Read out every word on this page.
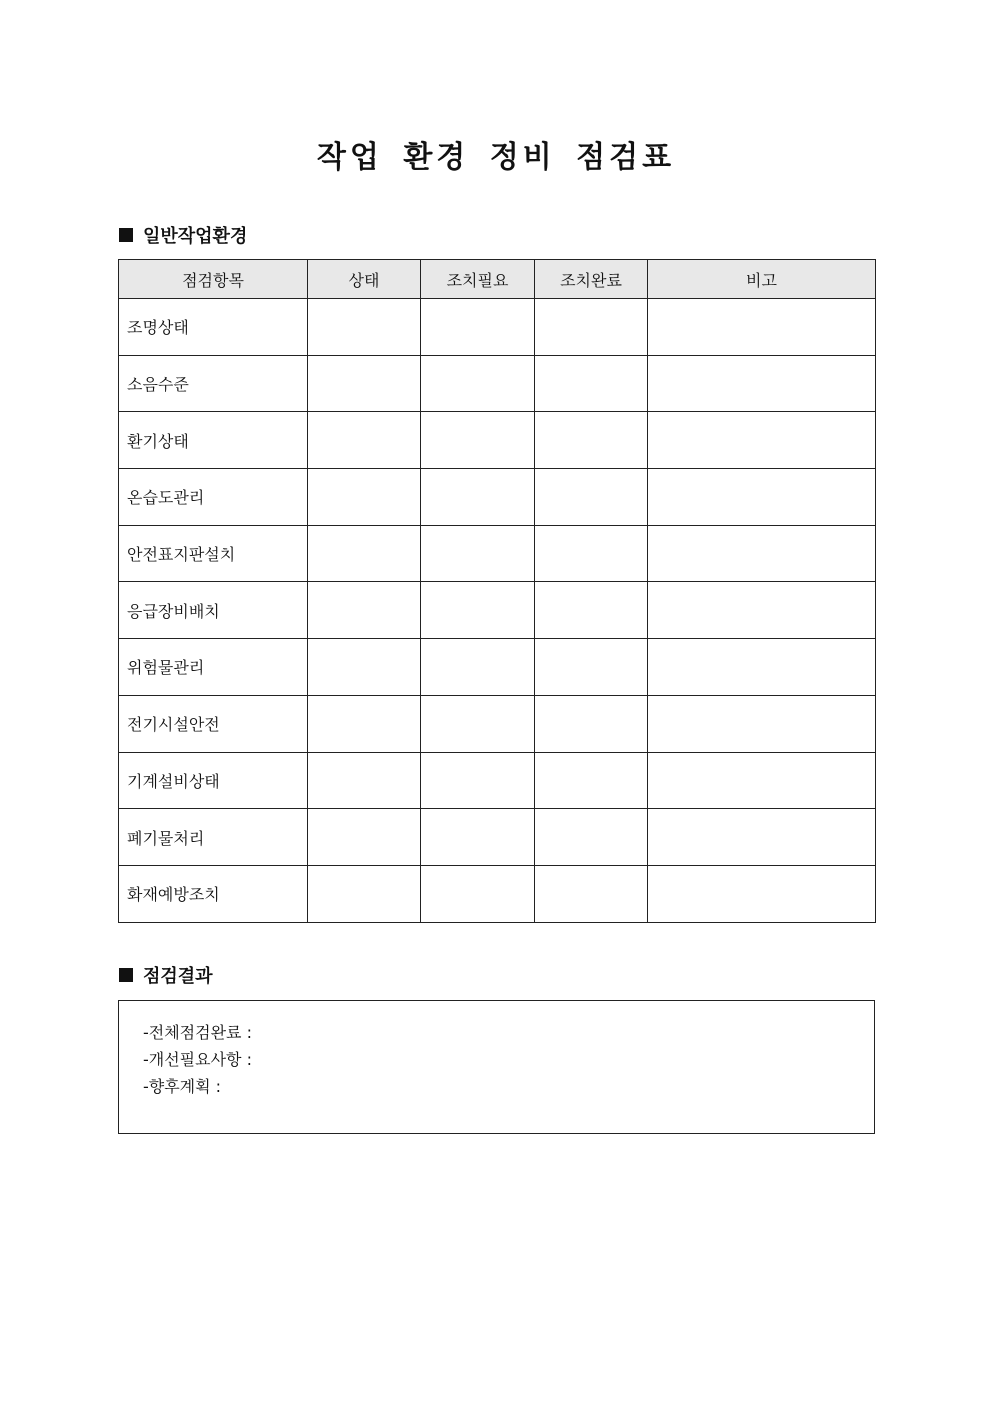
작업 환경 정비 점검표
일반작업환경
점검항목	상태	조치필요	조치완료	비고
조명상태				
소음수준				
환기상태				
온습도관리				
안전표지판설치				
응급장비배치				
위험물관리				
전기시설안전				
기계설비상태				
폐기물처리				
화재예방조치				
점검결과
-전체점검완료 :
-개선필요사항 :
-향후계획 :
